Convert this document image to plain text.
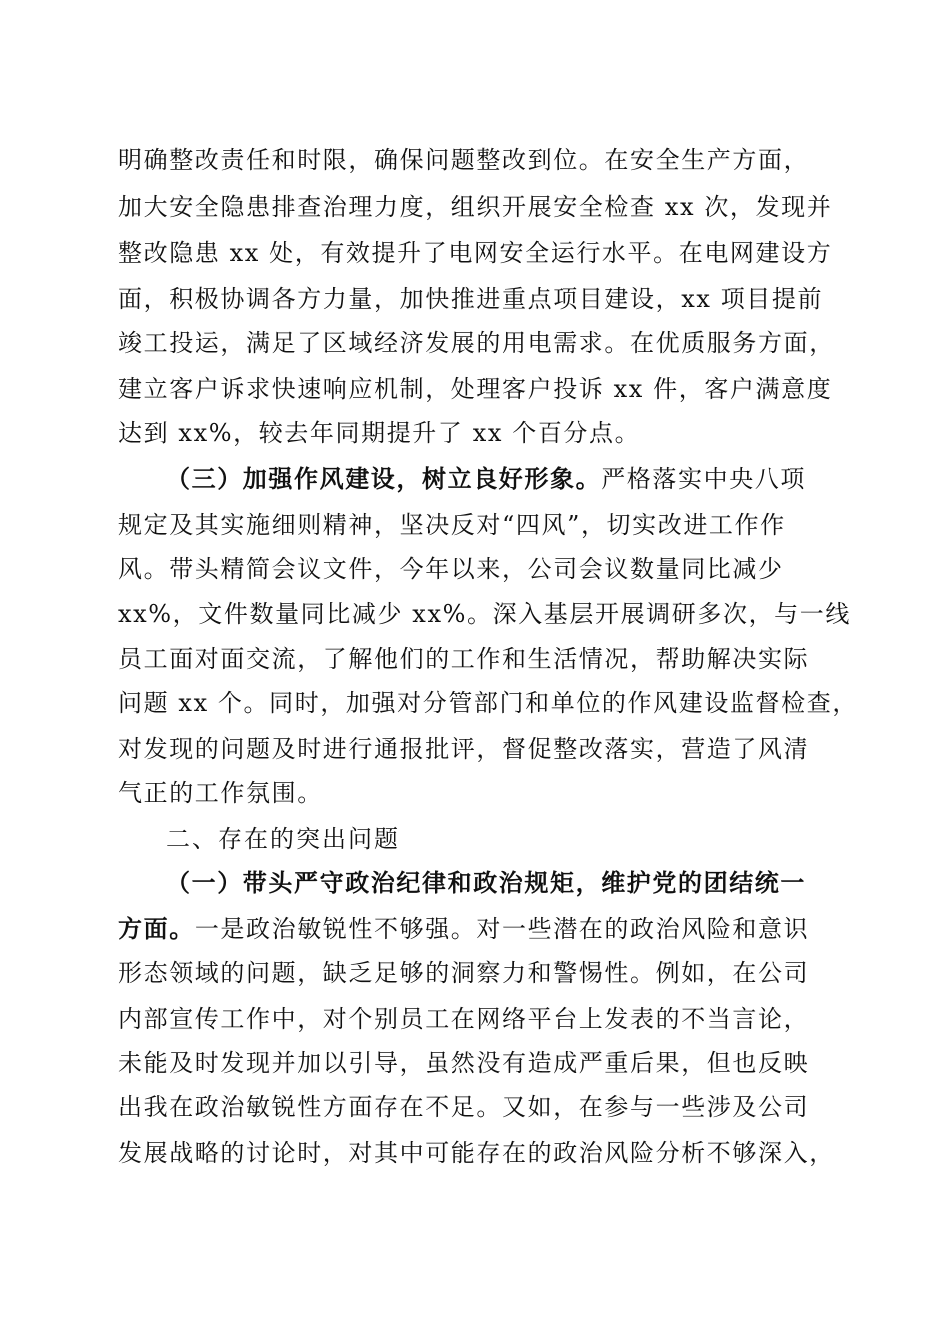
明确整改责任和时限，确保问题整改到位。在安全生产方面，
加大安全隐患排查治理力度，组织开展安全检查 xx 次，发现并
整改隐患 xx 处，有效提升了电网安全运行水平。在电网建设方
面，积极协调各方力量，加快推进重点项目建设，xx 项目提前
竣工投运，满足了区域经济发展的用电需求。在优质服务方面，
建立客户诉求快速响应机制，处理客户投诉 xx 件，客户满意度
达到 xx%，较去年同期提升了 xx 个百分点。
（三）加强作风建设，树立良好形象。严格落实中央八项
规定及其实施细则精神，坚决反对“四风”，切实改进工作作
风。带头精简会议文件，今年以来，公司会议数量同比减少
xx%，文件数量同比减少 xx%。深入基层开展调研多次，与一线
员工面对面交流，了解他们的工作和生活情况，帮助解决实际
问题 xx 个。同时，加强对分管部门和单位的作风建设监督检查，
对发现的问题及时进行通报批评，督促整改落实，营造了风清
气正的工作氛围。
二、存在的突出问题
（一）带头严守政治纪律和政治规矩，维护党的团结统一
方面。一是政治敏锐性不够强。对一些潜在的政治风险和意识
形态领域的问题，缺乏足够的洞察力和警惕性。例如，在公司
内部宣传工作中，对个别员工在网络平台上发表的不当言论，
未能及时发现并加以引导，虽然没有造成严重后果，但也反映
出我在政治敏锐性方面存在不足。又如，在参与一些涉及公司
发展战略的讨论时，对其中可能存在的政治风险分析不够深入，
